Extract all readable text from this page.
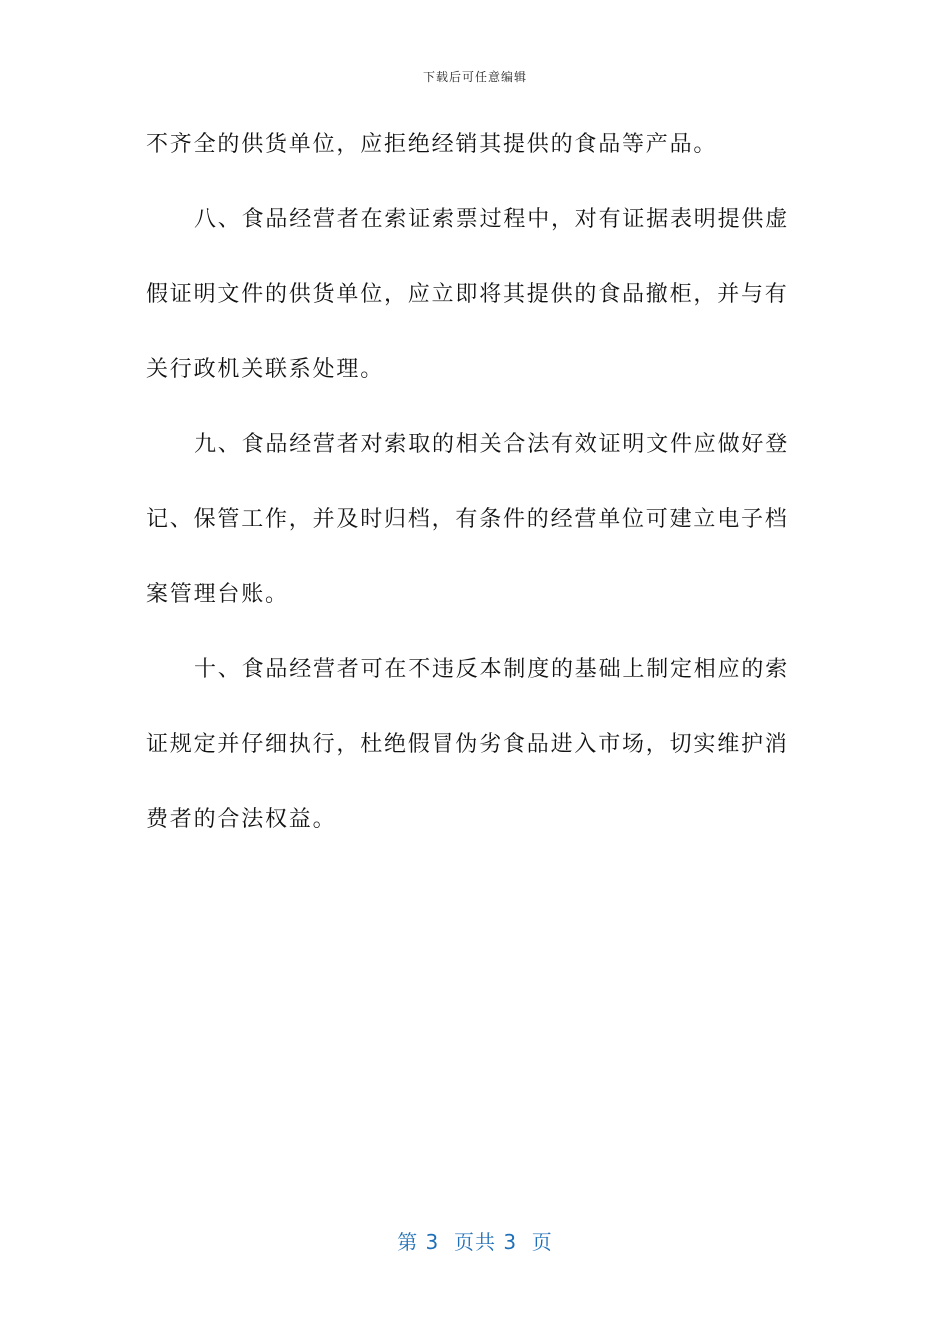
下载后可任意编辑
不齐全的供货单位，应拒绝经销其提供的食品等产品。
八、食品经营者在索证索票过程中，对有证据表明提供虚
假证明文件的供货单位，应立即将其提供的食品撤柜，并与有
关行政机关联系处理。
九、食品经营者对索取的相关合法有效证明文件应做好登
记、保管工作，并及时归档，有条件的经营单位可建立电子档
案管理台账。
十、食品经营者可在不违反本制度的基础上制定相应的索
证规定并仔细执行，杜绝假冒伪劣食品进入市场，切实维护消
费者的合法权益。
第 3  页共 3  页
